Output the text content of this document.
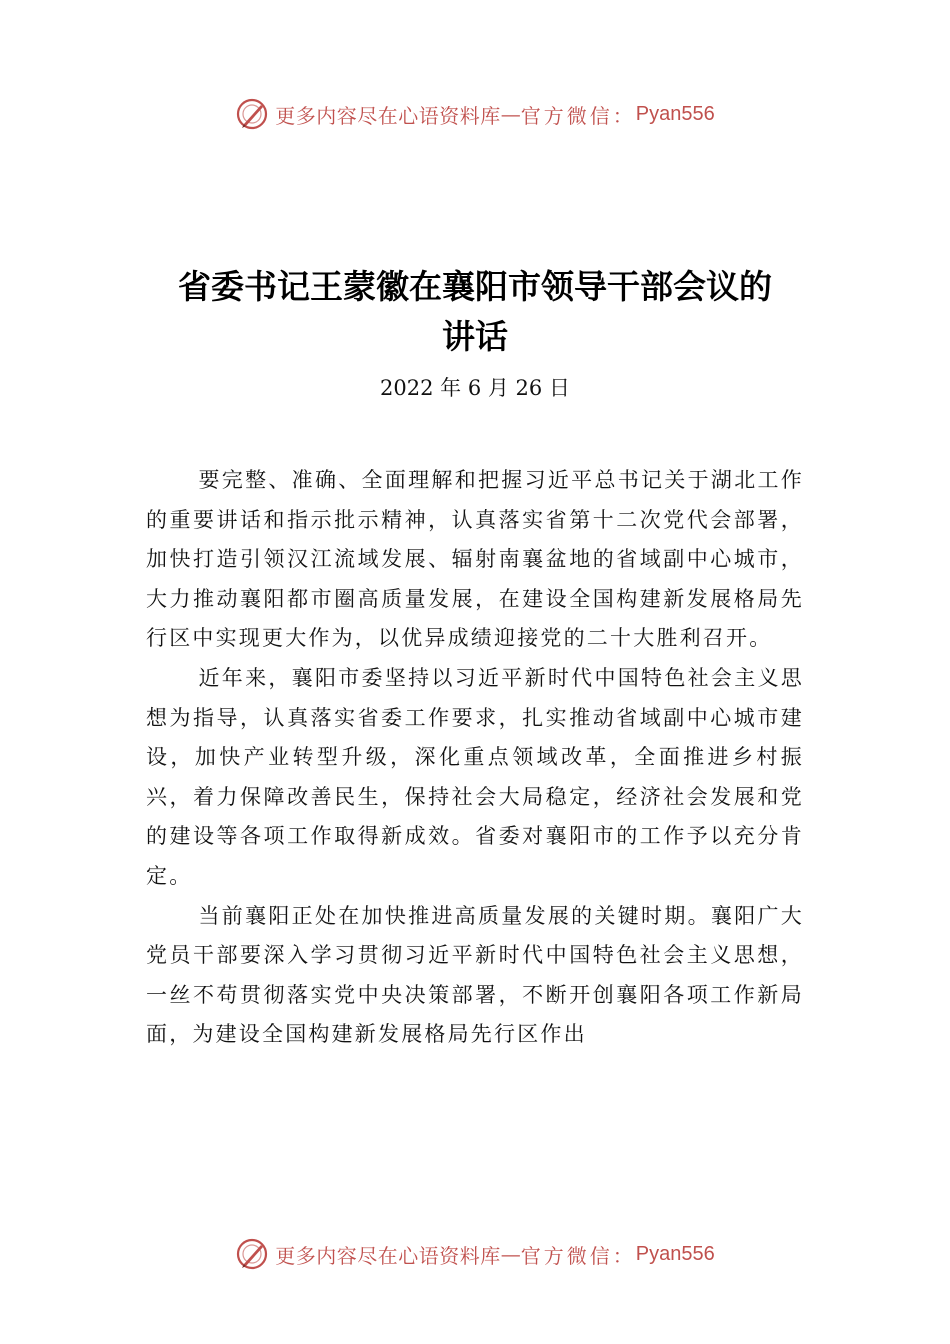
更多内容尽在心语资料库 — 官方微信： Pyan556
省委书记王蒙徽在襄阳市领导干部会议的
讲话
2022 年 6 月 26 日

要完整、准确、全面理解和把握习近平总书记关于湖北工作的重要讲话和指示批示精神，认真落实省第十二次党代会部署，加快打造引领汉江流域发展、辐射南襄盆地的省域副中心城市，大力推动襄阳都市圈高质量发展，在建设全国构建新发展格局先行区中实现更大作为，以优异成绩迎接党的二十大胜利召开。

近年来，襄阳市委坚持以习近平新时代中国特色社会主义思想为指导，认真落实省委工作要求，扎实推动省域副中心城市建设，加快产业转型升级，深化重点领域改革，全面推进乡村振兴，着力保障改善民生，保持社会大局稳定，经济社会发展和党的建设等各项工作取得新成效。省委对襄阳市的工作予以充分肯定。

当前襄阳正处在加快推进高质量发展的关键时期。襄阳广大党员干部要深入学习贯彻习近平新时代中国特色社会主义思想，一丝不苟贯彻落实党中央决策部署，不断开创襄阳各项工作新局面，为建设全国构建新发展格局先行区作出

更多内容尽在心语资料库 — 官方微信： Pyan556
